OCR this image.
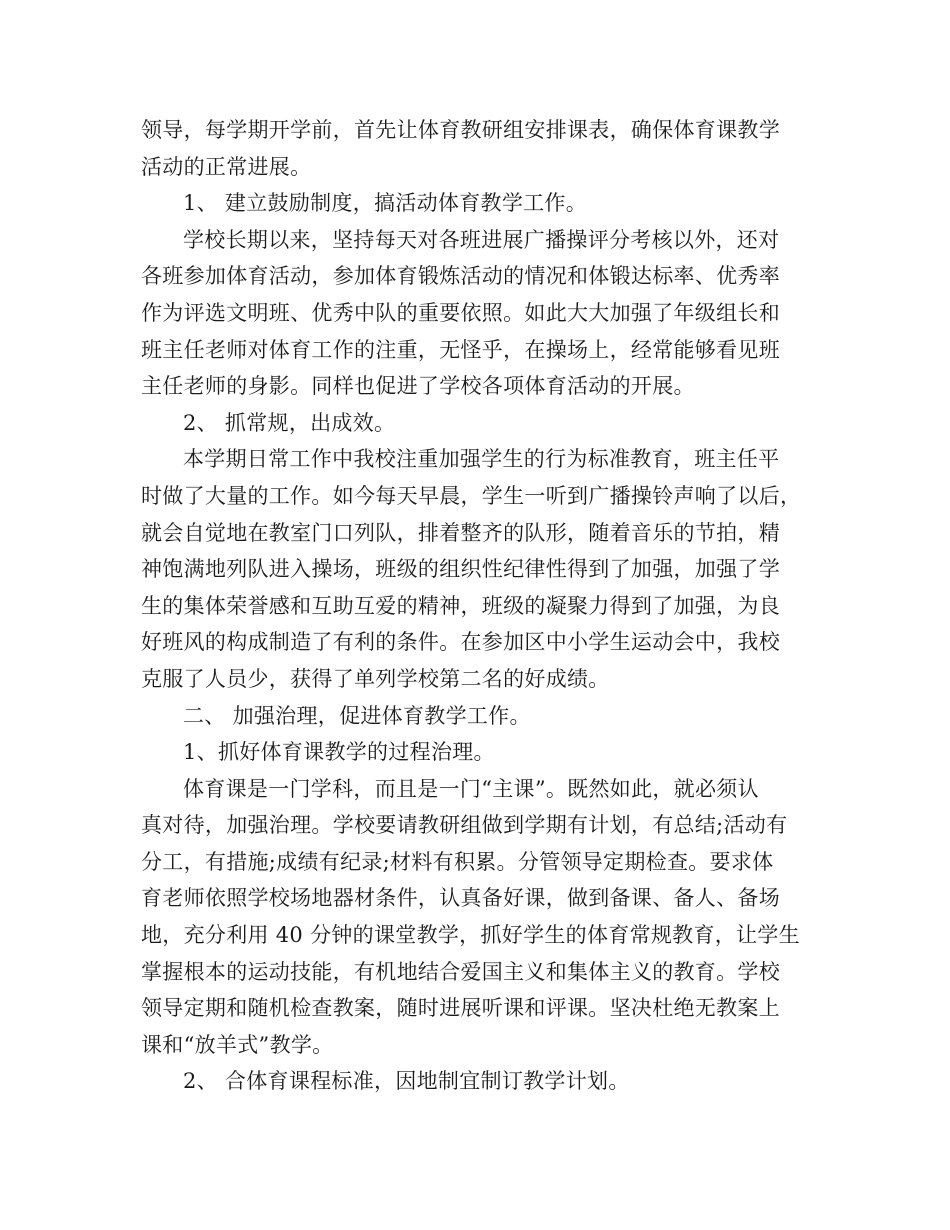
领导，每学期开学前，首先让体育教研组安排课表，确保体育课教学
活动的正常进展。
1、 建立鼓励制度，搞活动体育教学工作。
学校长期以来，坚持每天对各班进展广播操评分考核以外，还对
各班参加体育活动，参加体育锻炼活动的情况和体锻达标率、优秀率
作为评选文明班、优秀中队的重要依照。如此大大加强了年级组长和
班主任老师对体育工作的注重，无怪乎，在操场上，经常能够看见班
主任老师的身影。同样也促进了学校各项体育活动的开展。
2、 抓常规，出成效。
本学期日常工作中我校注重加强学生的行为标准教育，班主任平
时做了大量的工作。如今每天早晨，学生一听到广播操铃声响了以后，
就会自觉地在教室门口列队，排着整齐的队形，随着音乐的节拍，精
神饱满地列队进入操场，班级的组织性纪律性得到了加强，加强了学
生的集体荣誉感和互助互爱的精神，班级的凝聚力得到了加强，为良
好班风的构成制造了有利的条件。在参加区中小学生运动会中，我校
克服了人员少，获得了单列学校第二名的好成绩。
二、 加强治理，促进体育教学工作。
1、抓好体育课教学的过程治理。
体育课是一门学科，而且是一门“主课”。既然如此，就必须认
真对待，加强治理。学校要请教研组做到学期有计划，有总结;活动有
分工，有措施;成绩有纪录;材料有积累。分管领导定期检查。要求体
育老师依照学校场地器材条件，认真备好课，做到备课、备人、备场
地，充分利用 40 分钟的课堂教学，抓好学生的体育常规教育，让学生
掌握根本的运动技能，有机地结合爱国主义和集体主义的教育。学校
领导定期和随机检查教案，随时进展听课和评课。坚决杜绝无教案上
课和“放羊式”教学。
2、 合体育课程标准，因地制宜制订教学计划。
